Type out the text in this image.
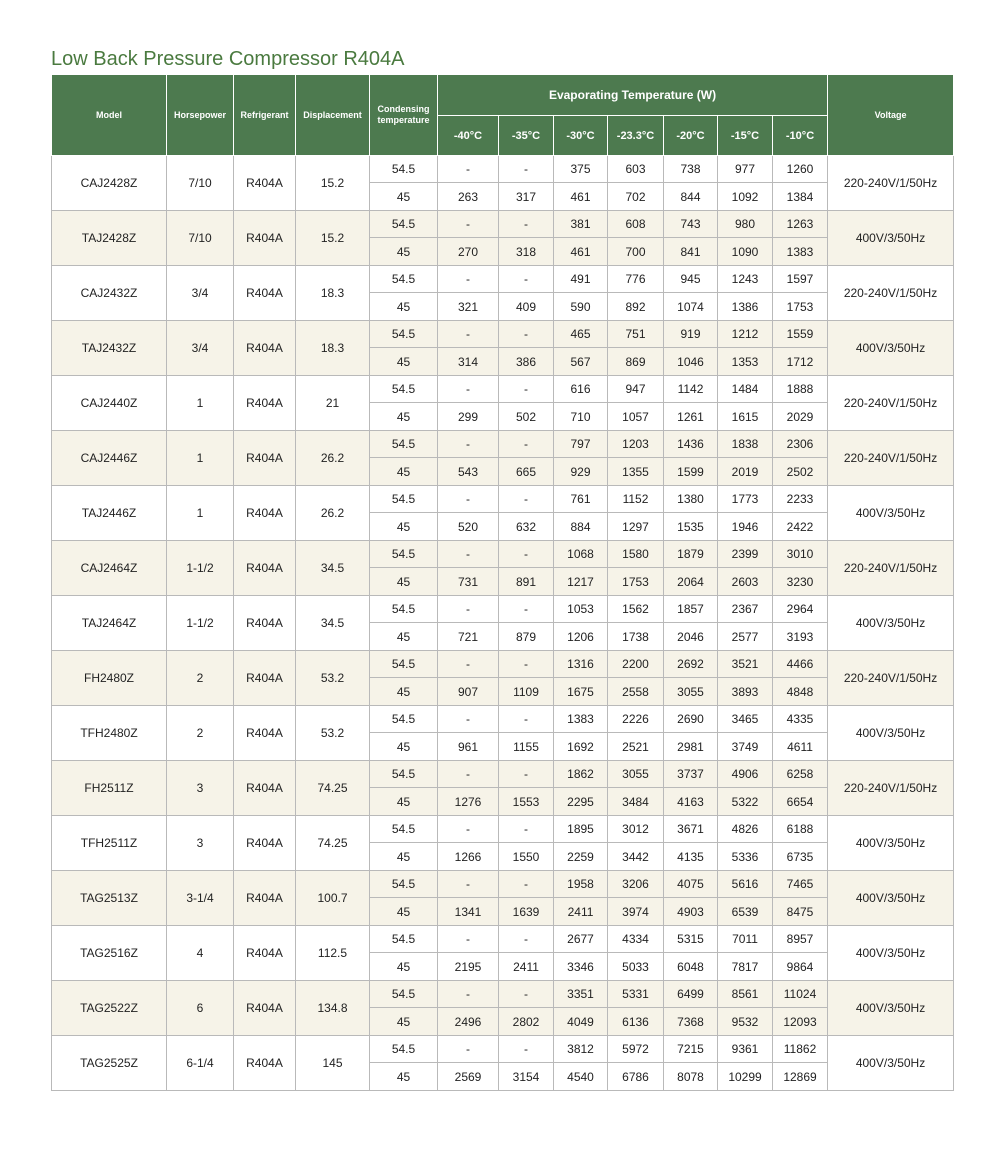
Low Back Pressure Compressor R404A
Model	Horsepower	Refrigerant	Displacement	Condensing temperature	Evaporating Temperature (W)							Voltage
					-40°C	-35°C	-30°C	-23.3°C	-20°C	-15°C	-10°C	
CAJ2428Z	7/10	R404A	15.2	54.5	-	-	375	603	738	977	1260	220-240V/1/50Hz
				45	263	317	461	702	844	1092	1384	
TAJ2428Z	7/10	R404A	15.2	54.5	-	-	381	608	743	980	1263	400V/3/50Hz
				45	270	318	461	700	841	1090	1383	
CAJ2432Z	3/4	R404A	18.3	54.5	-	-	491	776	945	1243	1597	220-240V/1/50Hz
				45	321	409	590	892	1074	1386	1753	
TAJ2432Z	3/4	R404A	18.3	54.5	-	-	465	751	919	1212	1559	400V/3/50Hz
				45	314	386	567	869	1046	1353	1712	
CAJ2440Z	1	R404A	21	54.5	-	-	616	947	1142	1484	1888	220-240V/1/50Hz
				45	299	502	710	1057	1261	1615	2029	
CAJ2446Z	1	R404A	26.2	54.5	-	-	797	1203	1436	1838	2306	220-240V/1/50Hz
				45	543	665	929	1355	1599	2019	2502	
TAJ2446Z	1	R404A	26.2	54.5	-	-	761	1152	1380	1773	2233	400V/3/50Hz
				45	520	632	884	1297	1535	1946	2422	
CAJ2464Z	1-1/2	R404A	34.5	54.5	-	-	1068	1580	1879	2399	3010	220-240V/1/50Hz
				45	731	891	1217	1753	2064	2603	3230	
TAJ2464Z	1-1/2	R404A	34.5	54.5	-	-	1053	1562	1857	2367	2964	400V/3/50Hz
				45	721	879	1206	1738	2046	2577	3193	
FH2480Z	2	R404A	53.2	54.5	-	-	1316	2200	2692	3521	4466	220-240V/1/50Hz
				45	907	1109	1675	2558	3055	3893	4848	
TFH2480Z	2	R404A	53.2	54.5	-	-	1383	2226	2690	3465	4335	400V/3/50Hz
				45	961	1155	1692	2521	2981	3749	4611	
FH2511Z	3	R404A	74.25	54.5	-	-	1862	3055	3737	4906	6258	220-240V/1/50Hz
				45	1276	1553	2295	3484	4163	5322	6654	
TFH2511Z	3	R404A	74.25	54.5	-	-	1895	3012	3671	4826	6188	400V/3/50Hz
				45	1266	1550	2259	3442	4135	5336	6735	
TAG2513Z	3-1/4	R404A	100.7	54.5	-	-	1958	3206	4075	5616	7465	400V/3/50Hz
				45	1341	1639	2411	3974	4903	6539	8475	
TAG2516Z	4	R404A	112.5	54.5	-	-	2677	4334	5315	7011	8957	400V/3/50Hz
				45	2195	2411	3346	5033	6048	7817	9864	
TAG2522Z	6	R404A	134.8	54.5	-	-	3351	5331	6499	8561	11024	400V/3/50Hz
				45	2496	2802	4049	6136	7368	9532	12093	
TAG2525Z	6-1/4	R404A	145	54.5	-	-	3812	5972	7215	9361	11862	400V/3/50Hz
				45	2569	3154	4540	6786	8078	10299	12869	
